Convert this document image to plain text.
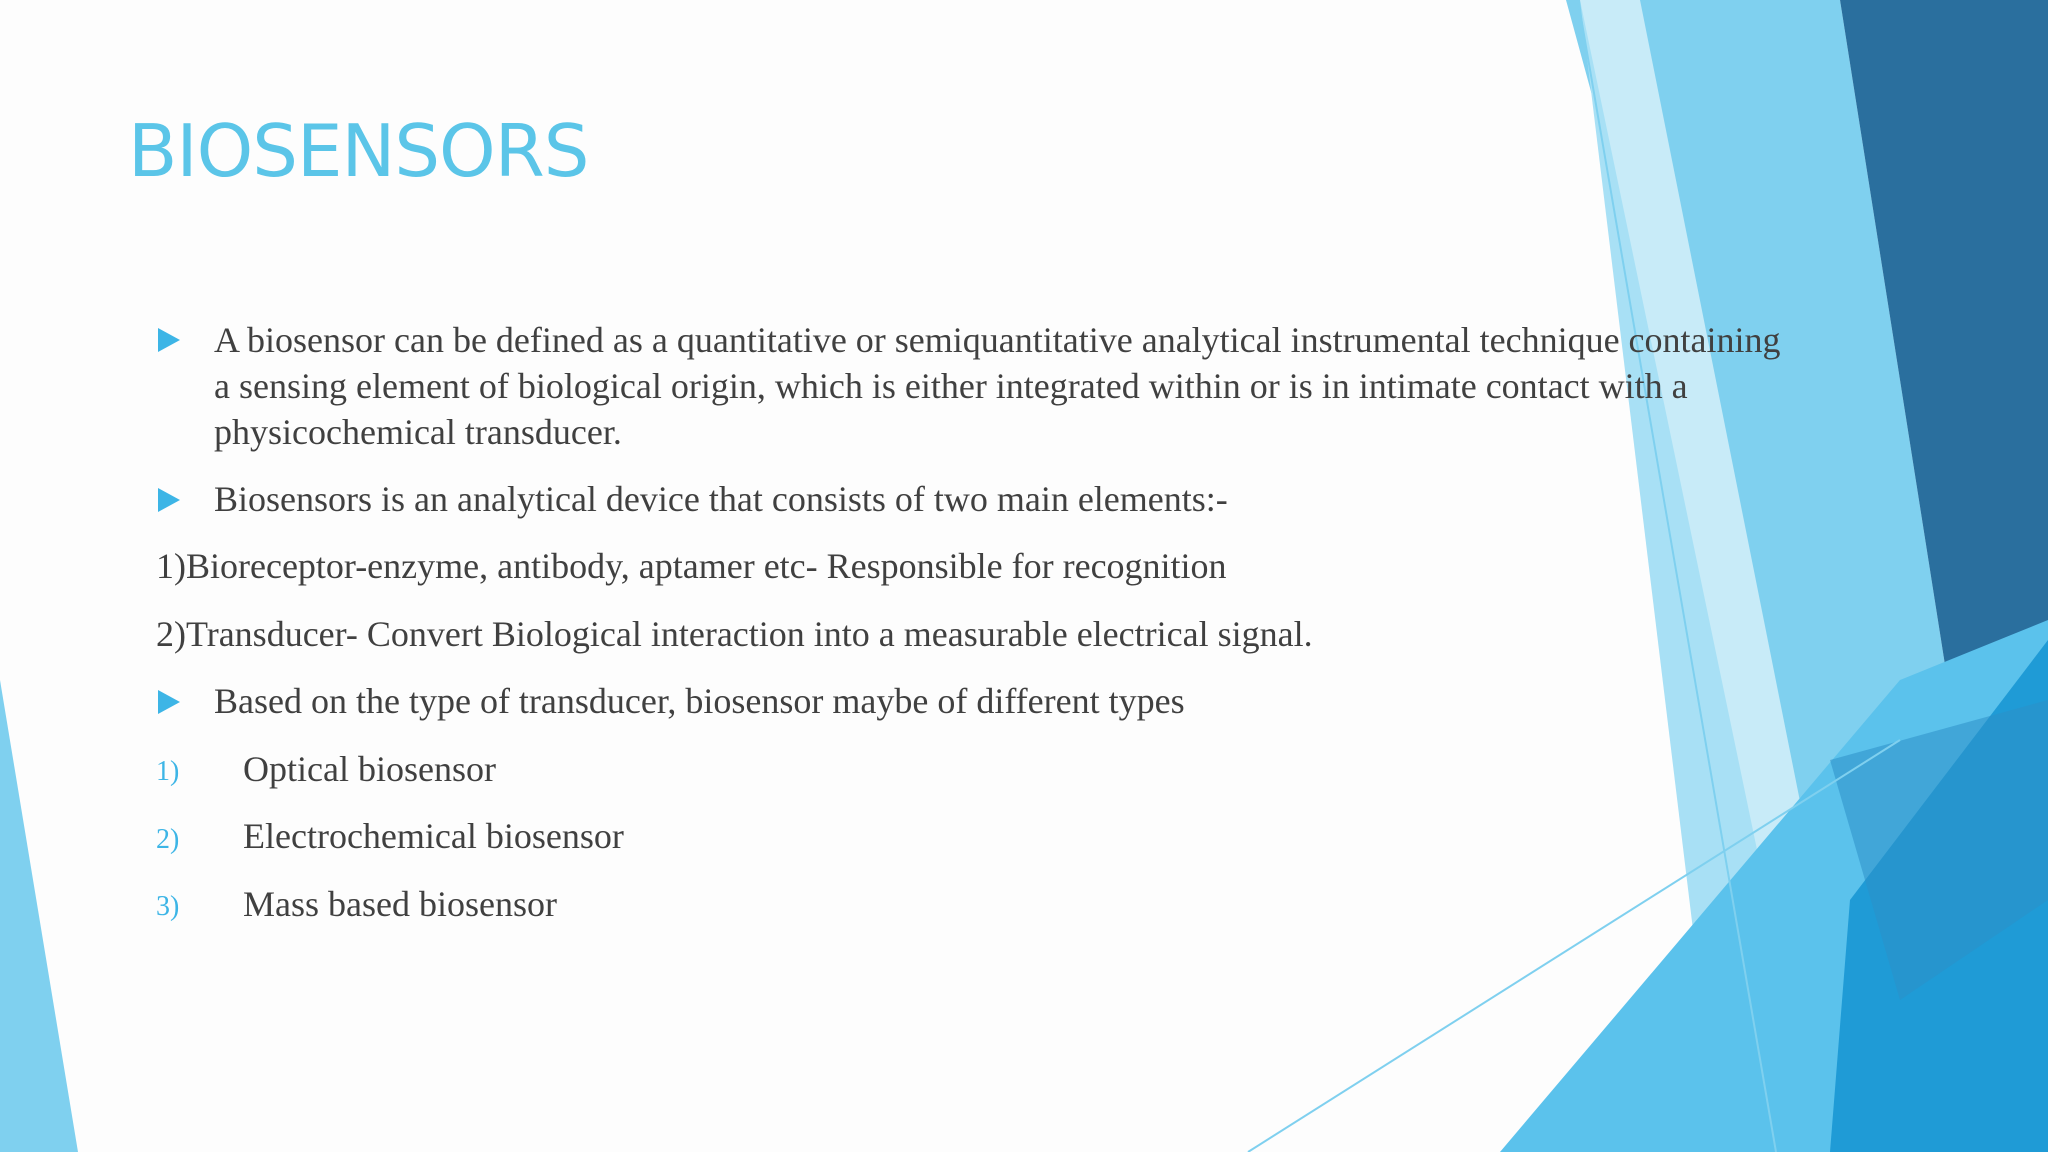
BIOSENSORS

A biosensor can be defined as a quantitative or semiquantitative analytical instrumental technique containing

a sensing element of biological origin, which is either integrated within or is in intimate contact with a

physicochemical transducer.

Biosensors is an analytical device that consists of two main elements:-

1)Bioreceptor-enzyme, antibody, aptamer etc- Responsible for recognition

2)Transducer- Convert Biological interaction into a measurable electrical signal.

Based on the type of transducer, biosensor maybe of different types

1) Optical biosensor
2) Electrochemical biosensor
3) Mass based biosensor
